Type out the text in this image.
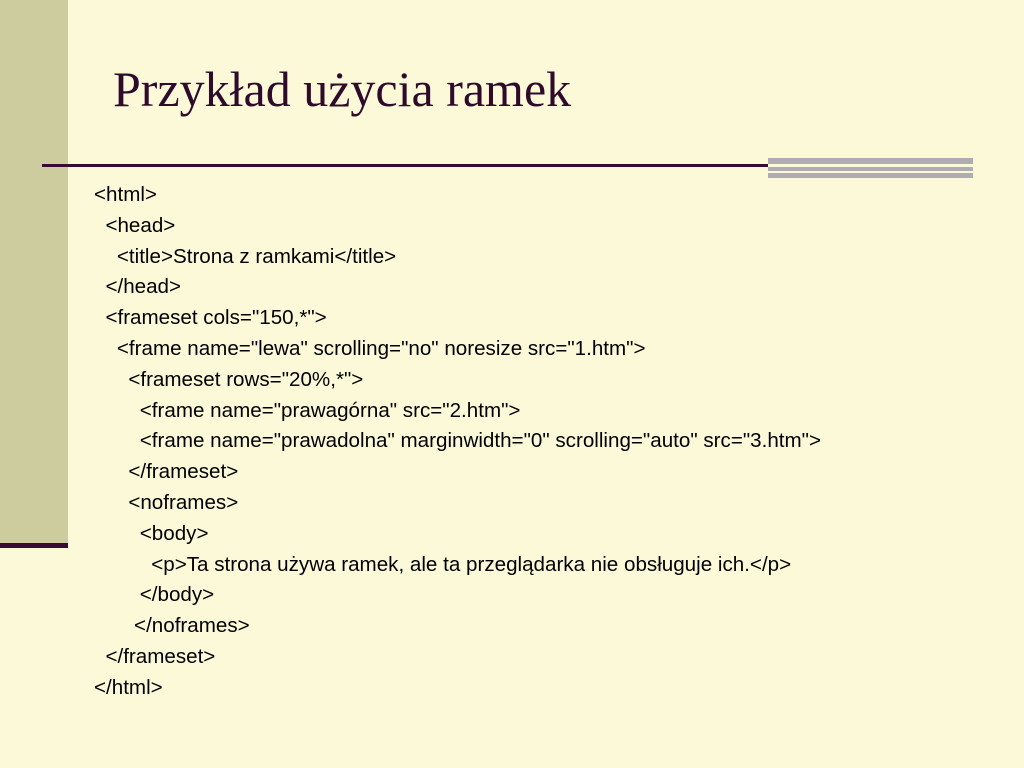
Przykład użycia ramek
<html>
<head>
<title>Strona z ramkami</title>
</head>
<frameset cols="150,*">
<frame name="lewa" scrolling="no" noresize src="1.htm">
<frameset rows="20%,*">
<frame name="prawagórna" src="2.htm">
<frame name="prawadolna" marginwidth="0" scrolling="auto" src="3.htm">
</frameset>
<noframes>
<body>
<p>Ta strona używa ramek, ale ta przeglądarka nie obsługuje ich.</p>
</body>
</noframes>
</frameset>
</html>
